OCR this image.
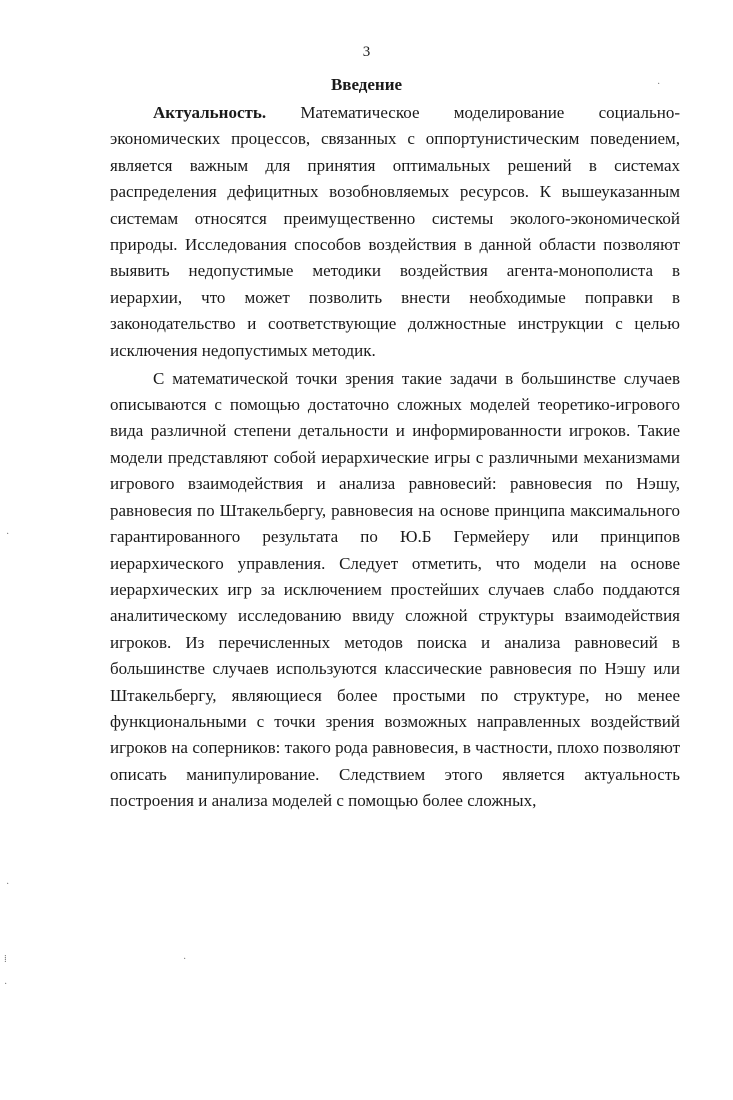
3
Введение

Актуальность. Математическое моделирование социально-экономических процессов, связанных с оппортунистическим поведением, является важным для принятия оптимальных решений в системах распределения дефицитных возобновляемых ресурсов. К вышеуказанным системам относятся преимущественно системы эколого-экономической природы. Исследования способов воздействия в данной области позволяют выявить недопустимые методики воздействия агента-монополиста в иерархии, что может позволить внести необходимые поправки в законодательство и соответствующие должностные инструкции с целью исключения недопустимых методик.

С математической точки зрения такие задачи в большинстве случаев описываются с помощью достаточно сложных моделей теоретико-игрового вида различной степени детальности и информированности игроков. Такие модели представляют собой иерархические игры с различными механизмами игрового взаимодействия и анализа равновесий: равновесия по Нэшу, равновесия по Штакельбергу, равновесия на основе принципа максимального гарантированного результата по Ю.Б Гермейеру или принципов иерархического управления. Следует отметить, что модели на основе иерархических игр за исключением простейших случаев слабо поддаются аналитическому исследованию ввиду сложной структуры взаимодействия игроков. Из перечисленных методов поиска и анализа равновесий в большинстве случаев используются классические равновесия по Нэшу или Штакельбергу, являющиеся более простыми по структуре, но менее функциональными с точки зрения возможных направленных воздействий игроков на соперников: такого рода равновесия, в частности, плохо позволяют описать манипулирование. Следствием этого является актуальность построения и анализа моделей с помощью более сложных,

·
·
·
⁞
·
·
